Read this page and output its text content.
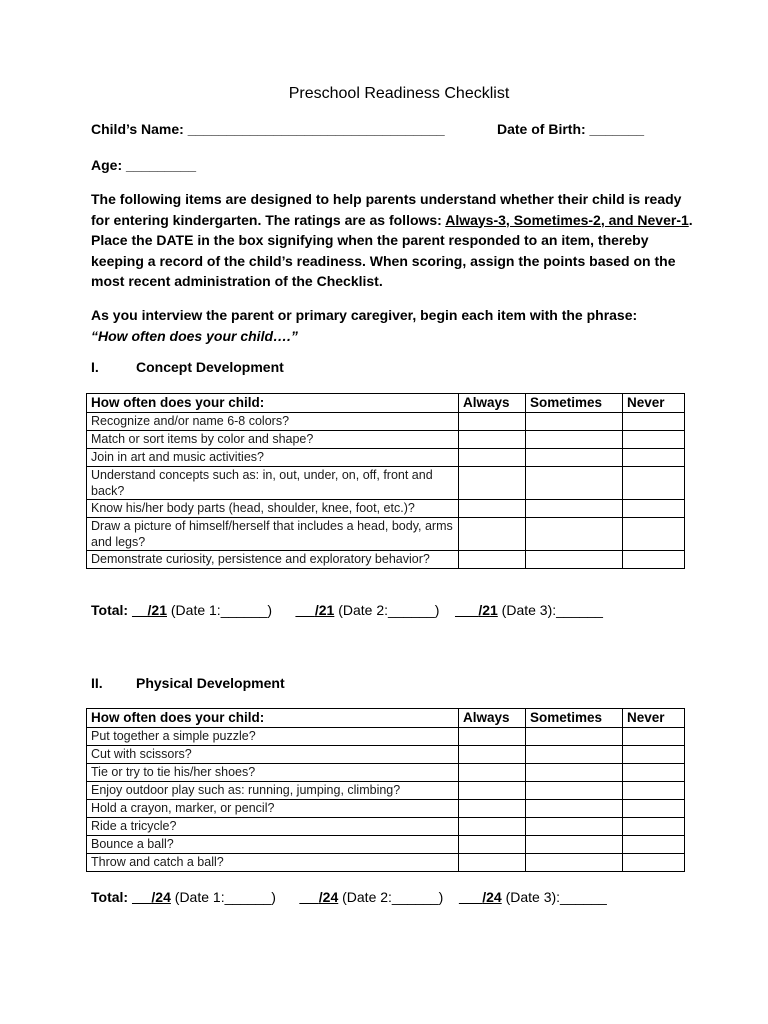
Preschool Readiness Checklist
Child’s Name: _________________________________	Date of Birth: _______
Age: _________
The following items are designed to help parents understand whether their child is ready for entering kindergarten. The ratings are as follows: Always-3, Sometimes-2, and Never-1. Place the DATE in the box signifying when the parent responded to an item, thereby keeping a record of the child’s readiness. When scoring, assign the points based on the most recent administration of the Checklist.
As you interview the parent or primary caregiver, begin each item with the phrase:
“How often does your child….”
I.	Concept Development
How often does your child:	Always	Sometimes	Never
Recognize and/or name 6-8 colors?			
Match or sort items by color and shape?			
Join in art and music activities?			
Understand concepts such as: in, out, under, on, off, front and back?			
Know his/her body parts (head, shoulder, knee, foot, etc.)?			
Draw a picture of himself/herself that includes a head, body, arms and legs?			
Demonstrate curiosity, persistence and exploratory behavior?			
Total: /21 (Date 1:______)	/21 (Date 2:______)	/21 (Date 3):______
II. Physical Development
How often does your child:	Always	Sometimes	Never
Put together a simple puzzle?			
Cut with scissors?			
Tie or try to tie his/her shoes?			
Enjoy outdoor play such as: running, jumping, climbing?			
Hold a crayon, marker, or pencil?			
Ride a tricycle?			
Bounce a ball?			
Throw and catch a ball?			
Total: /24 (Date 1:______)	/24 (Date 2:______)	/24 (Date 3):______
